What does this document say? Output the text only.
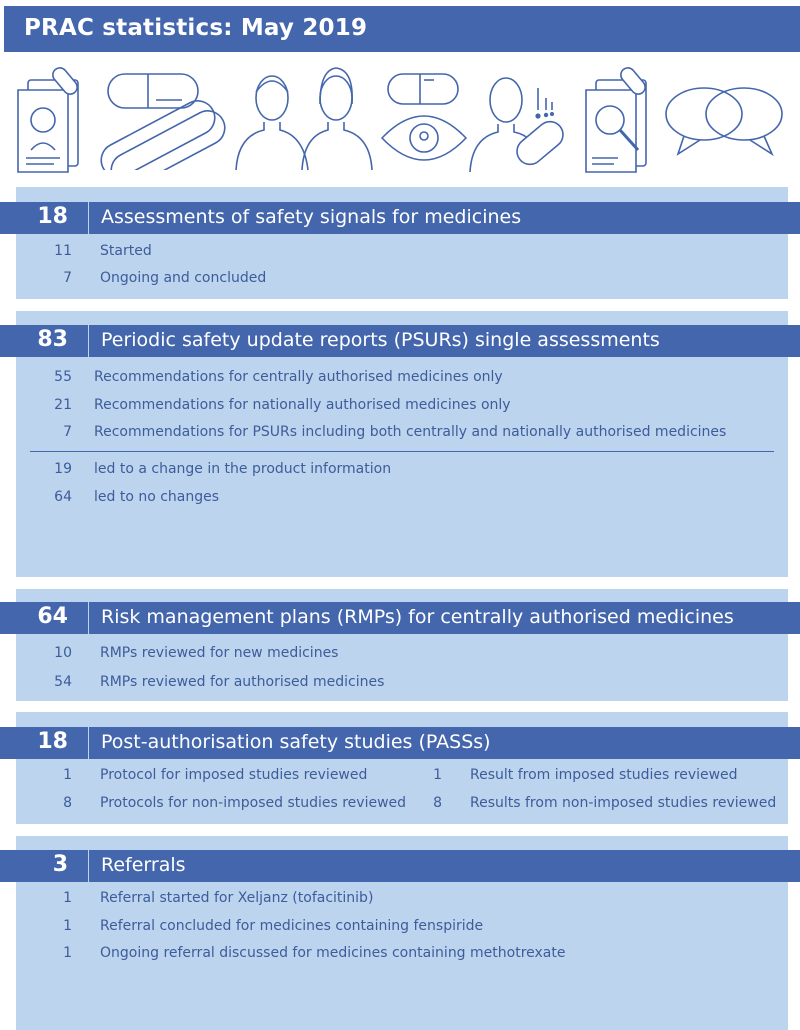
PRAC statistics: May 2019
18 Assessments of safety signals for medicines
11 Started
7 Ongoing and concluded
83 Periodic safety update reports (PSURs) single assessments
55 Recommendations for centrally authorised medicines only
21 Recommendations for nationally authorised medicines only
7 Recommendations for PSURs including both centrally and nationally authorised medicines
19 led to a change in the product information
64 led to no changes
64 Risk management plans (RMPs) for centrally authorised medicines
10 RMPs reviewed for new medicines
54 RMPs reviewed for authorised medicines
18 Post-authorisation safety studies (PASSs)
1 Protocol for imposed studies reviewed
8 Protocols for non-imposed studies reviewed
1 Result from imposed studies reviewed
8 Results from non-imposed studies reviewed
3 Referrals
1 Referral started for Xeljanz (tofacitinib)
1 Referral concluded for medicines containing fenspiride
1 Ongoing referral discussed for medicines containing methotrexate
